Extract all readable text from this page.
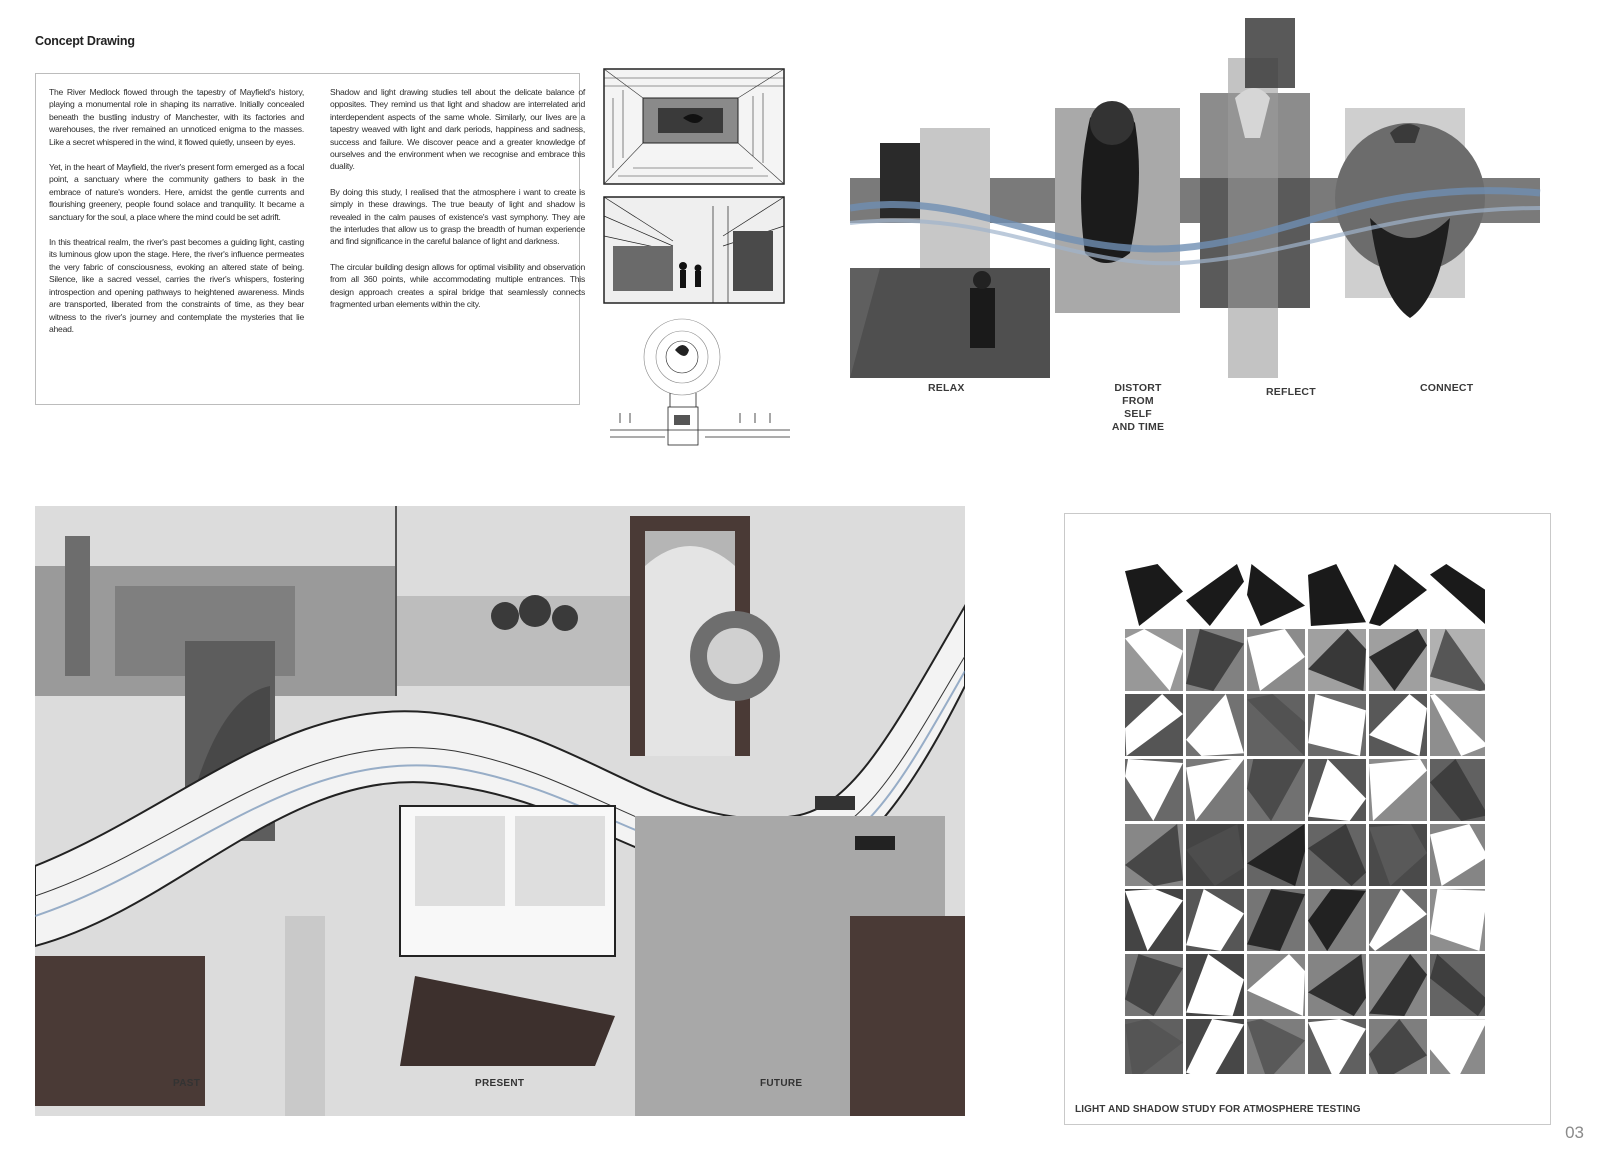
Concept Drawing

The River Medlock flowed through the tapestry of Mayfield's history, playing a monumental role in shaping its narrative. Initially concealed beneath the bustling industry of Manchester, with its factories and warehouses, the river remained an unnoticed enigma to the masses. Like a secret whispered in the wind, it flowed quietly, unseen by eyes.

Yet, in the heart of Mayfield, the river's present form emerged as a focal point, a sanctuary where the community gathers to bask in the embrace of nature's wonders. Here, amidst the gentle currents and flourishing greenery, people found solace and tranquility. It became a sanctuary for the soul, a place where the mind could be set adrift.

In this theatrical realm, the river's past becomes a guiding light, casting its luminous glow upon the stage. Here, the river's influence permeates the very fabric of consciousness, evoking an altered state of being. Silence, like a sacred vessel, carries the river's whispers, fostering introspection and opening pathways to heightened awareness. Minds are transported, liberated from the constraints of time, as they bear witness to the river's journey and contemplate the mysteries that lie ahead.

Shadow and light drawing studies tell about the delicate balance of opposites. They remind us that light and shadow are interrelated and interdependent aspects of the same whole. Similarly, our lives are a tapestry weaved with light and dark periods, happiness and sadness, success and failure. We discover peace and a greater knowledge of ourselves and the environment when we recognise and embrace this duality.

By doing this study, I realised that the atmosphere i want to create is simply in these drawings. The true beauty of light and shadow is revealed in the calm pauses of existence's vast symphony. They are the interludes that allow us to grasp the breadth of human experience and find significance in the careful balance of light and darkness.

The circular building design allows for optimal visibility and observation from all 360 points, while accommodating multiple entrances. This design approach creates a spiral bridge that seamlessly connects fragmented urban elements within the city.

RELAX	DISTORT
FROM SELF
AND TIME
REFLECT	CONNECT
PAST	PRESENT	FUTURE
LIGHT AND SHADOW STUDY FOR ATMOSPHERE TESTING
03
